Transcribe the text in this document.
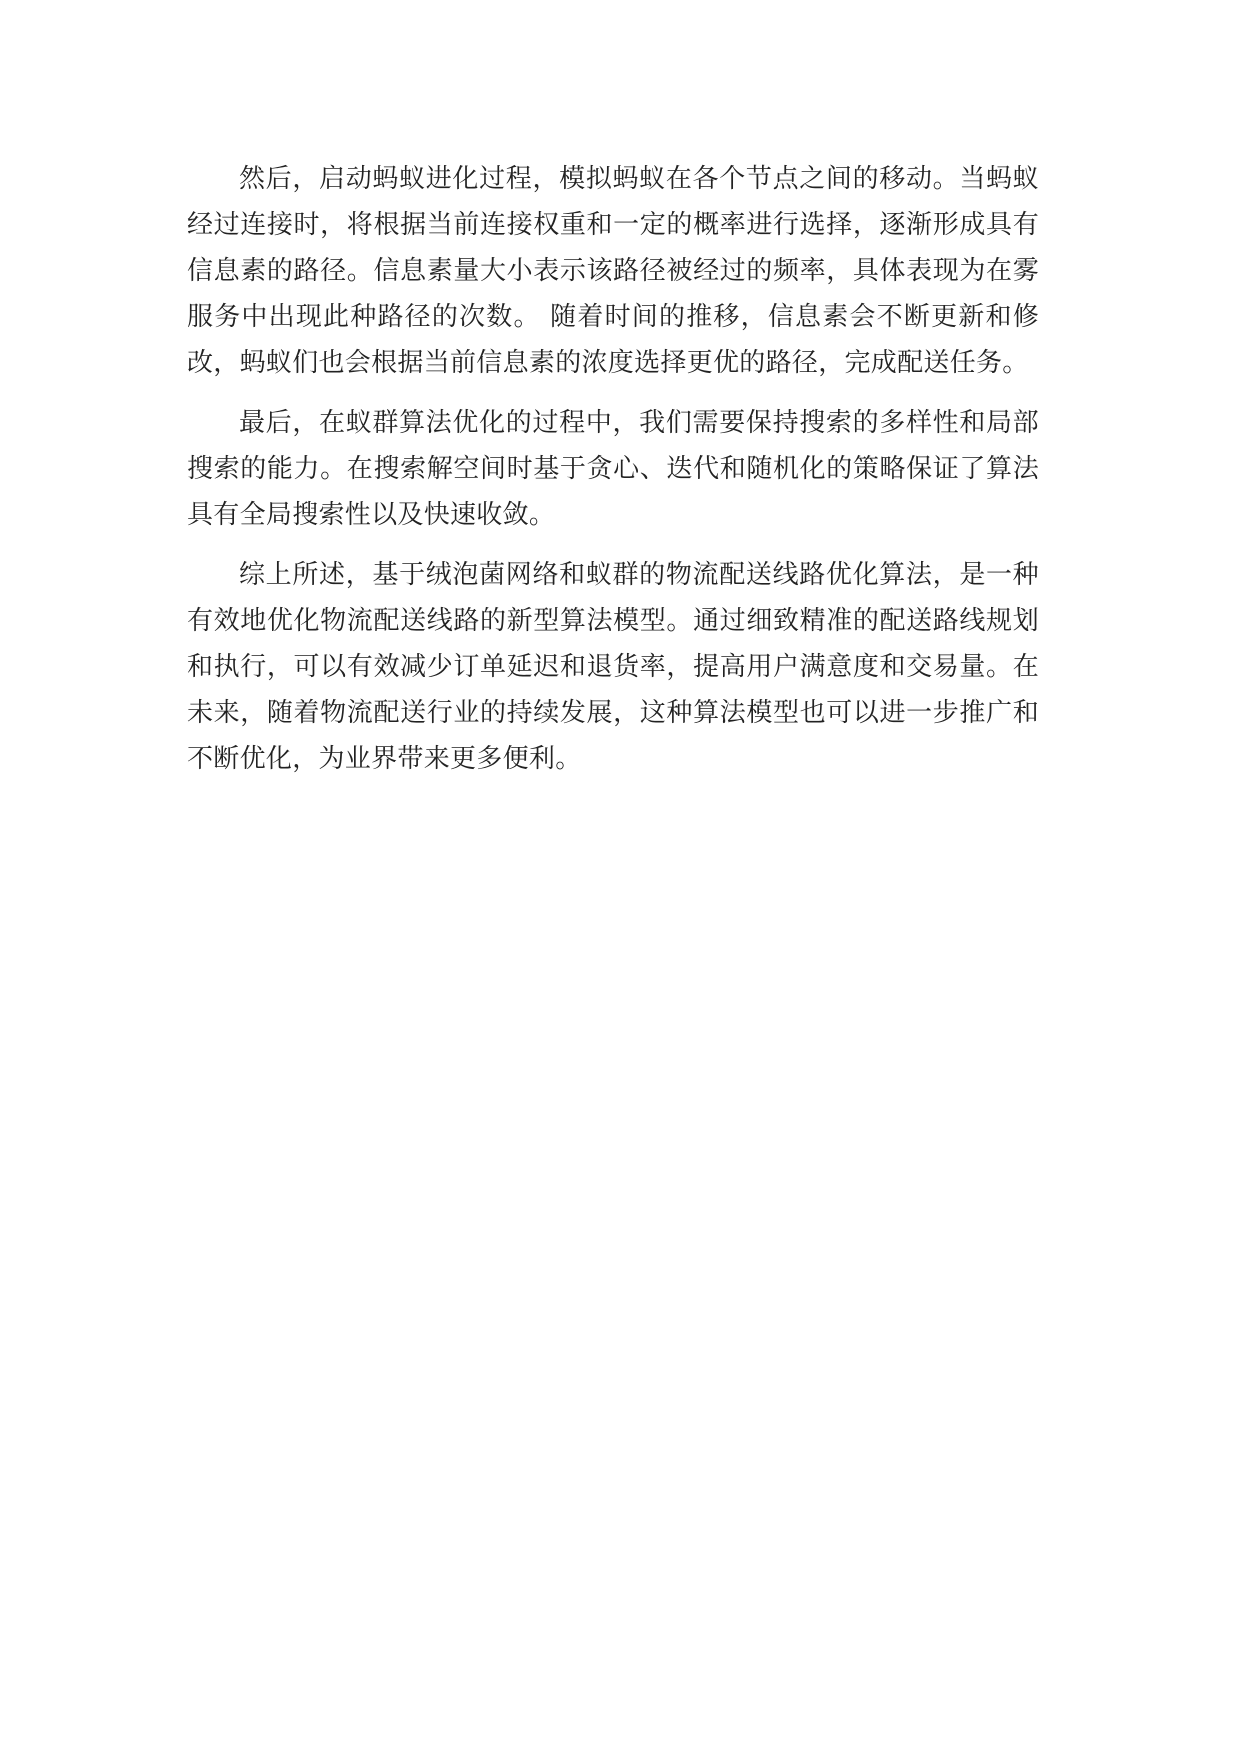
然后，启动蚂蚁进化过程，模拟蚂蚁在各个节点之间的移动。当蚂蚁经过连接时，将根据当前连接权重和一定的概率进行选择，逐渐形成具有信息素的路径。信息素量大小表示该路径被经过的频率，具体表现为在雾服务中出现此种路径的次数。 随着时间的推移，信息素会不断更新和修改，蚂蚁们也会根据当前信息素的浓度选择更优的路径，完成配送任务。

最后，在蚁群算法优化的过程中，我们需要保持搜索的多样性和局部搜索的能力。在搜索解空间时基于贪心、迭代和随机化的策略保证了算法具有全局搜索性以及快速收敛。

综上所述，基于绒泡菌网络和蚁群的物流配送线路优化算法，是一种有效地优化物流配送线路的新型算法模型。通过细致精准的配送路线规划和执行，可以有效减少订单延迟和退货率，提高用户满意度和交易量。在未来，随着物流配送行业的持续发展，这种算法模型也可以进一步推广和不断优化，为业界带来更多便利。
